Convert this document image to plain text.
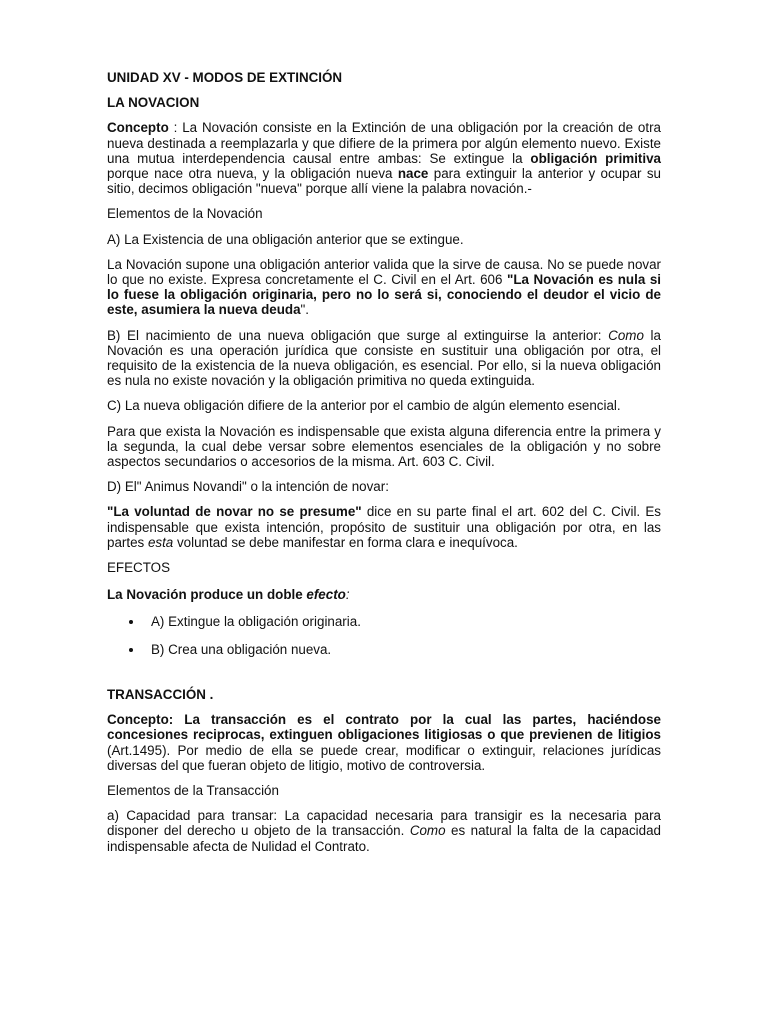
UNIDAD XV - MODOS DE EXTINCIÓN

LA NOVACION

Concepto : La Novación consiste en la Extinción de una obligación por la creación de otra nueva destinada a reemplazarla y que difiere de la primera por algún elemento nuevo. Existe una mutua interdependencia causal entre ambas: Se extingue la obligación primitiva porque nace otra nueva, y la obligación nueva nace para extinguir la anterior y ocupar su sitio, decimos obligación "nueva" porque allí viene la palabra novación.-

Elementos de la Novación

A) La Existencia de una obligación anterior que se extingue.

La Novación supone una obligación anterior valida que la sirve de causa. No se puede novar lo que no existe. Expresa concretamente el C. Civil en el Art. 606 "La Novación es nula si lo fuese la obligación originaria, pero no lo será si, conociendo el deudor el vicio de este, asumiera la nueva deuda".

B) El nacimiento de una nueva obligación que surge al extinguirse la anterior: Como la Novación es una operación jurídica que consiste en sustituir una obligación por otra, el requisito de la existencia de la nueva obligación, es esencial. Por ello, si la nueva obligación es nula no existe novación y la obligación primitiva no queda extinguida.

C) La nueva obligación difiere de la anterior por el cambio de algún elemento esencial.

Para que exista la Novación es indispensable que exista alguna diferencia entre la primera y la segunda, la cual debe versar sobre elementos esenciales de la obligación y no sobre aspectos secundarios o accesorios de la misma. Art. 603 C. Civil.

D) El" Animus Novandi" o la intención de novar:

"La voluntad de novar no se presume" dice en su parte final el art. 602 del C. Civil. Es indispensable que exista intención, propósito de sustituir una obligación por otra, en las partes esta voluntad se debe manifestar en forma clara e inequívoca.

EFECTOS

La Novación produce un doble efecto:

A) Extingue la obligación originaria.
B) Crea una obligación nueva.

TRANSACCIÓN .

Concepto: La transacción es el contrato por la cual las partes, haciéndose concesiones reciprocas, extinguen obligaciones litigiosas o que previenen de litigios (Art.1495). Por medio de ella se puede crear, modificar o extinguir, relaciones jurídicas diversas del que fueran objeto de litigio, motivo de controversia.

Elementos de la Transacción

a) Capacidad para transar: La capacidad necesaria para transigir es la necesaria para disponer del derecho u objeto de la transacción. Como es natural la falta de la capacidad indispensable afecta de Nulidad el Contrato.
